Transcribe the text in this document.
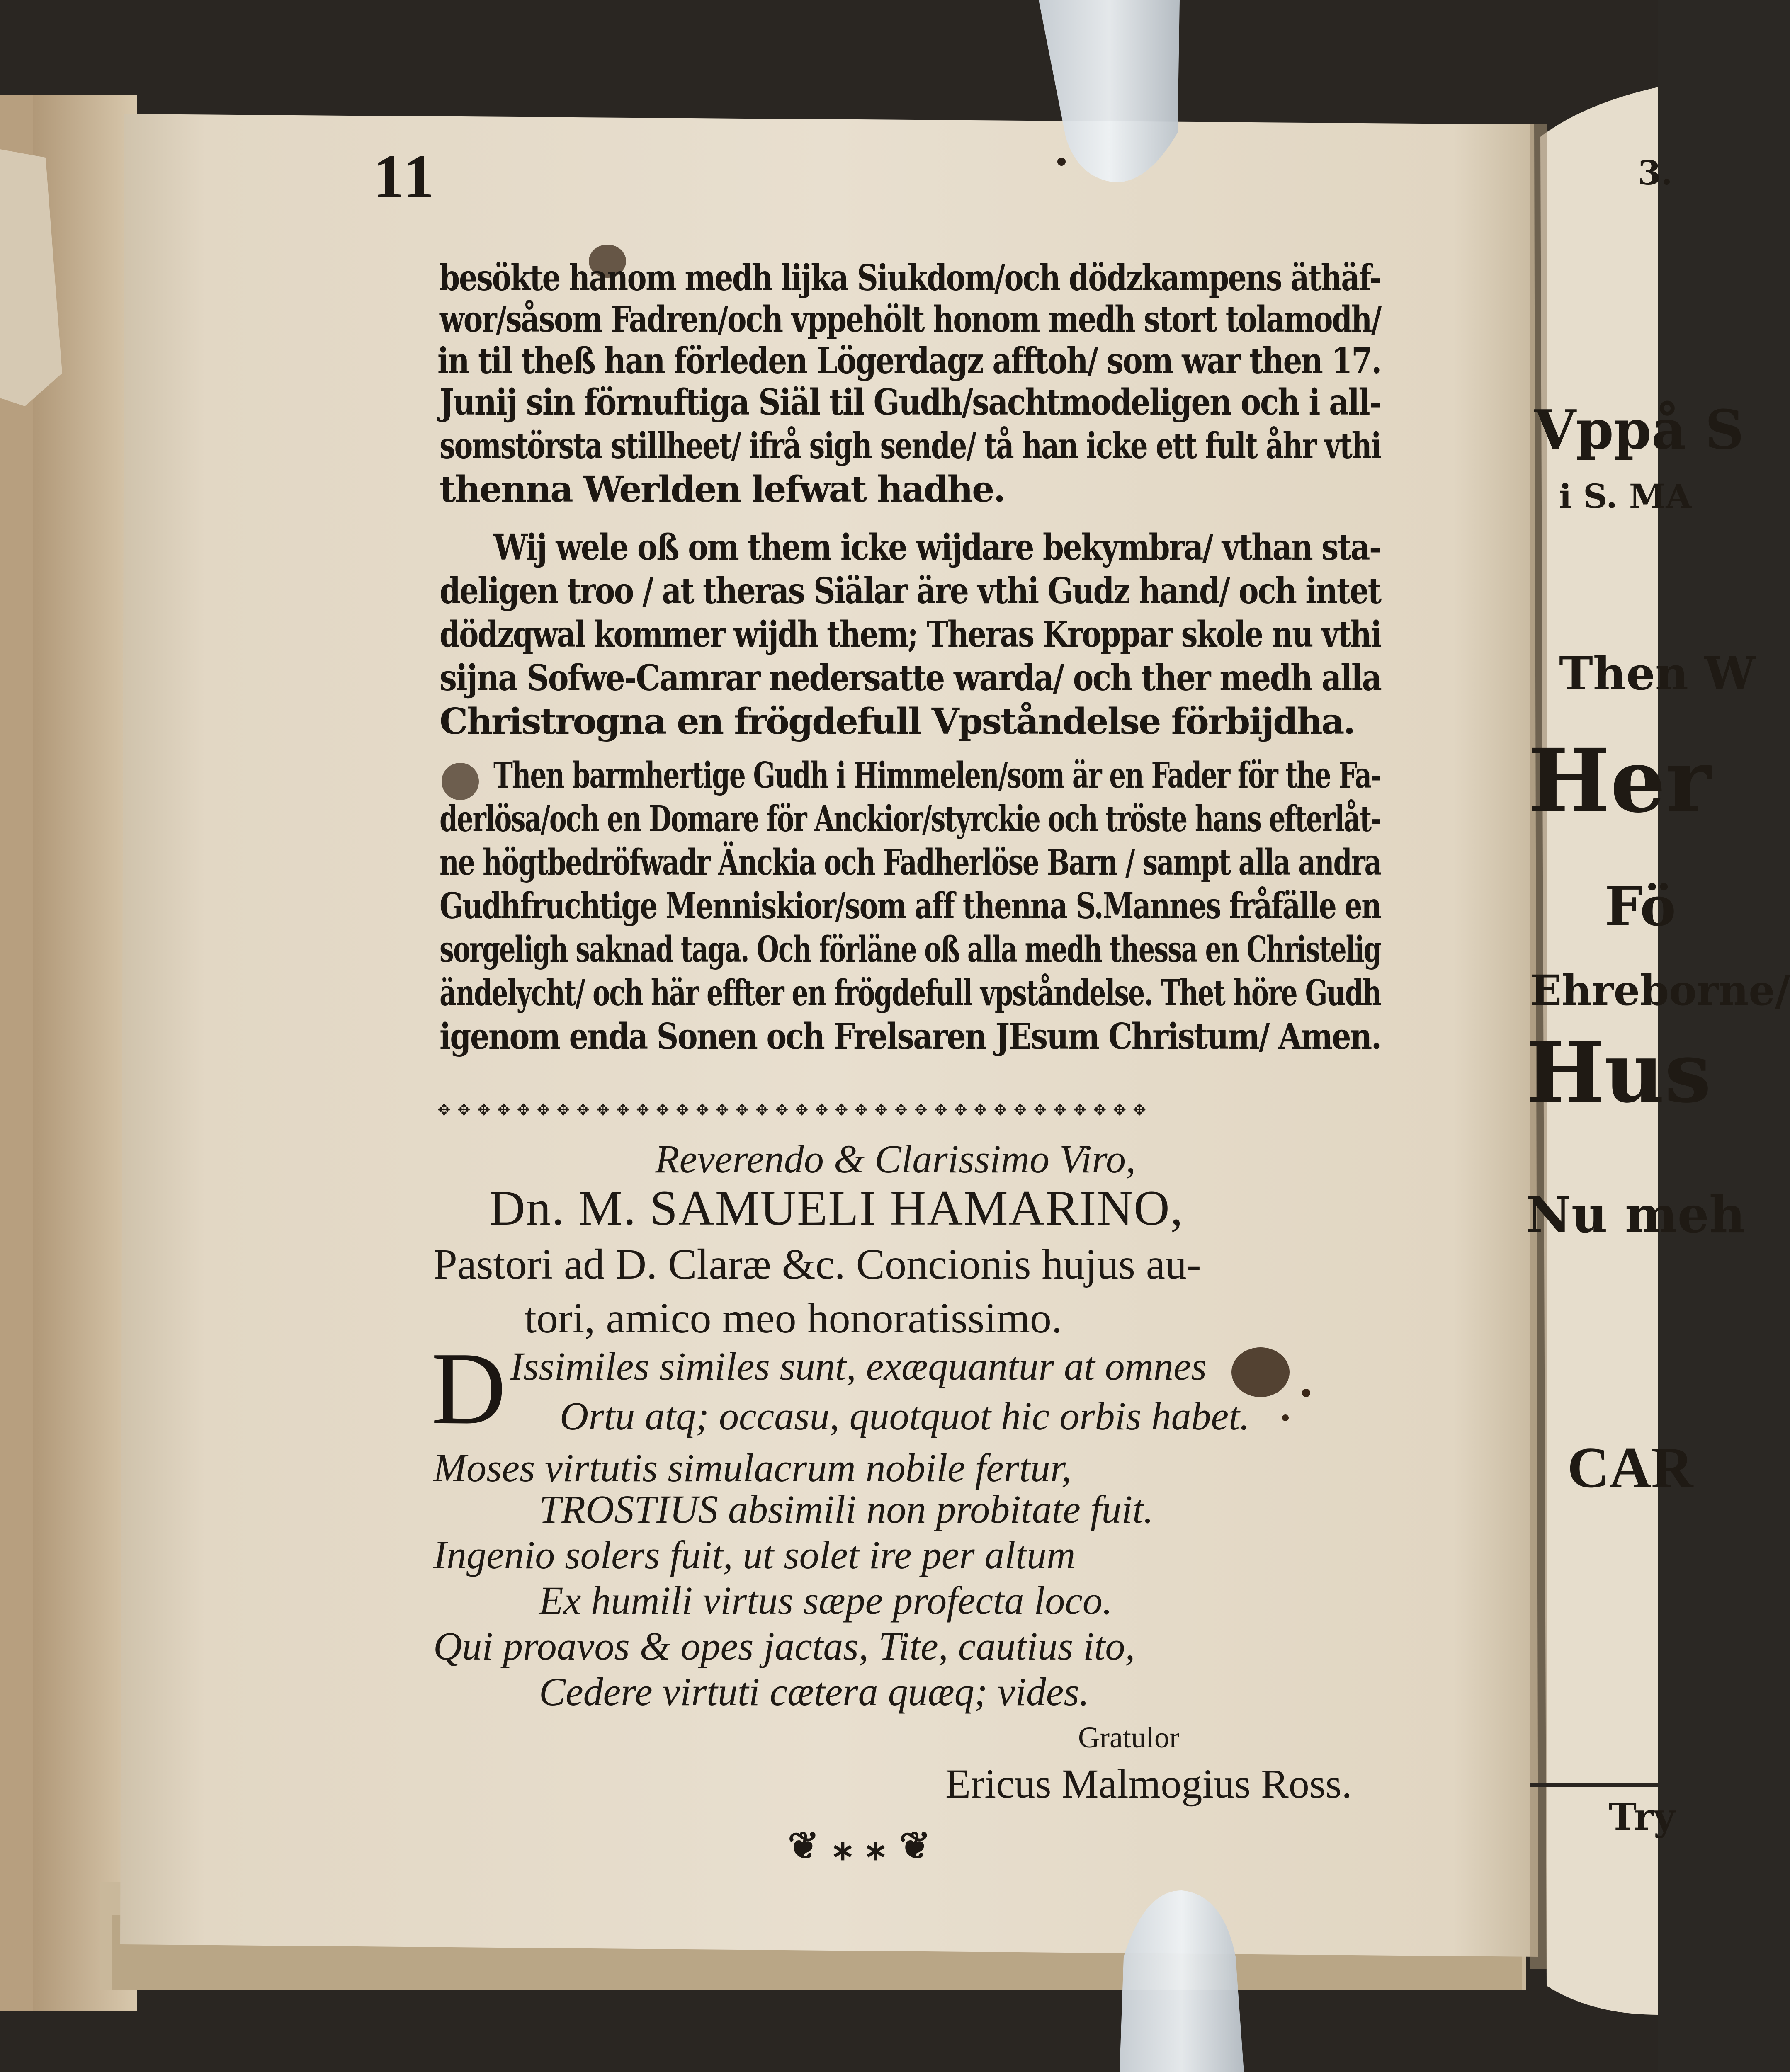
3.
Vppå S
i S. MA
Then W
Her
Fö
Ehreborne/
Hus
Nu meh
CAR
Try
11
besökte hanom medh lijka Siukdom/och dödzkampens äthäf-
wor/såsom Fadren/och vppehölt honom medh stort tolamodh/
in til theß han förleden Lögerdagz afftoh/ som war then 17.
Junij sin förnuftiga Siäl til Gudh/sachtmodeligen och i all-
somstörsta stillheet/ ifrå sigh sende/ tå han icke ett fult åhr vthi
thenna Werlden lefwat hadhe.
Wij wele oß om them icke wijdare bekymbra/ vthan sta-
deligen troo / at theras Siälar äre vthi Gudz hand/ och intet
dödzqwal kommer wijdh them; Theras Kroppar skole nu vthi
sijna Sofwe-Camrar nedersatte warda/ och ther medh alla
Christrogna en frögdefull Vpståndelse förbijdha.
Then barmhertige Gudh i Himmelen/som är en Fader för the Fa-
derlösa/och en Domare för Anckior/styrckie och tröste hans efterlåt-
ne högtbedröfwadr Änckia och Fadherlöse Barn / sampt alla andra
Gudhfruchtige Menniskior/som aff thenna S.Mannes fråfälle en
sorgeligh saknad taga. Och förläne oß alla medh thessa en Christelig
ändelycht/ och här effter en frögdefull vpståndelse. Thet höre Gudh
igenom enda Sonen och Frelsaren JEsum Christum/ Amen.
✥ ✥ ✥ ✥ ✥ ✥ ✥ ✥ ✥ ✥ ✥ ✥ ✥ ✥ ✥ ✥ ✥ ✥ ✥ ✥ ✥ ✥ ✥ ✥ ✥ ✥ ✥ ✥ ✥ ✥ ✥ ✥ ✥ ✥ ✥ ✥
Reverendo & Clarissimo Viro,
Dn. M. SAMUELI HAMARINO,
Pastori ad D. Claræ &c. Concionis hujus au-
tori, amico meo honoratissimo.
D Issimiles similes sunt, exæquantur at omnes
Ortu atq; occasu, quotquot hic orbis habet.
Moses virtutis simulacrum nobile fertur,
TROSTIUS absimili non probitate fuit.
Ingenio solers fuit, ut solet ire per altum
Ex humili virtus sæpe profecta loco.
Qui proavos & opes jactas, Tite, cautius ito,
Cedere virtuti cætera quæq; vides.
Gratulor
Ericus Malmogius Ross.
❦ ⁎ ⁎ ❦
